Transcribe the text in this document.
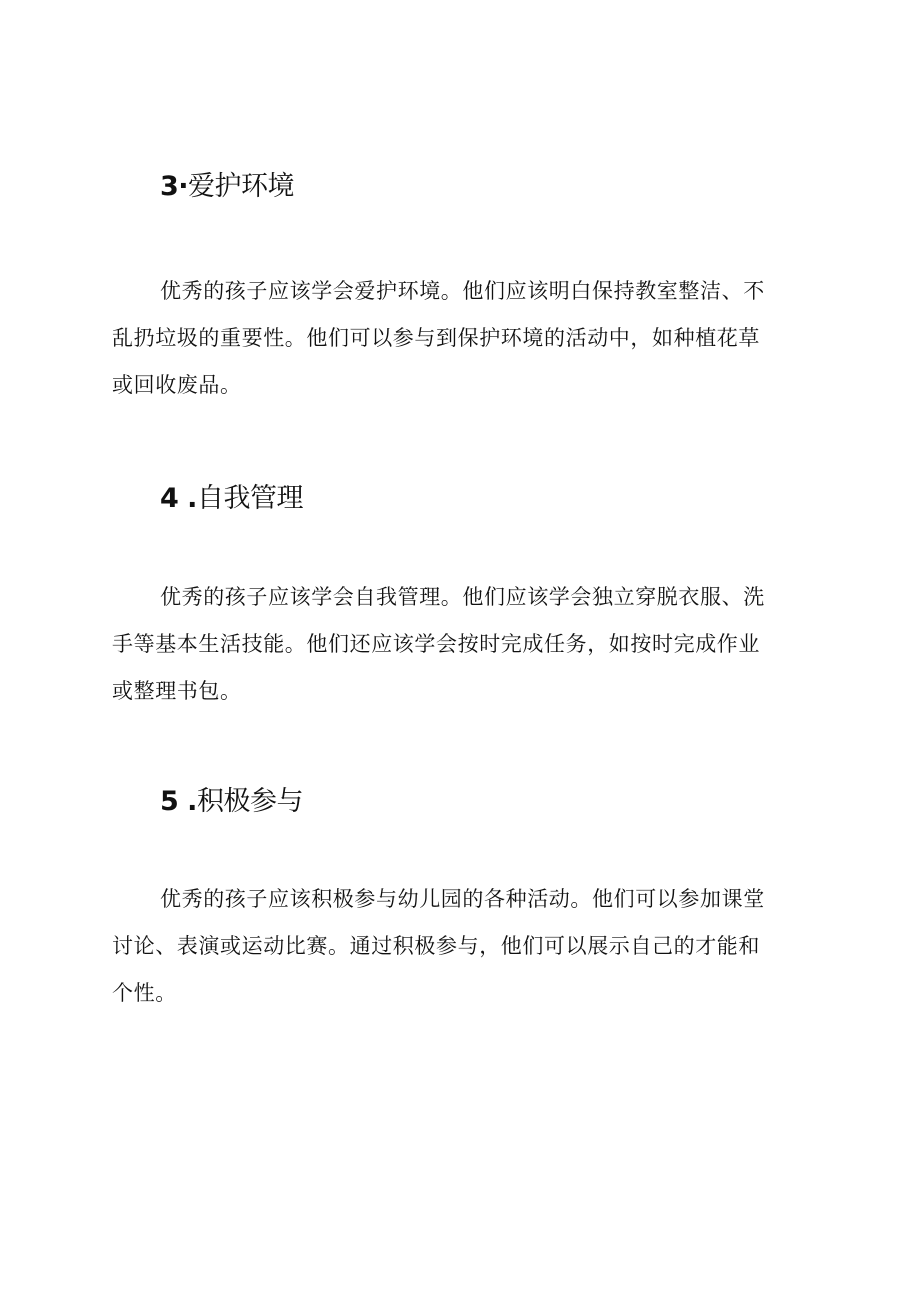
3·爱护环境

优秀的孩子应该学会爱护环境。他们应该明白保持教室整洁、不
乱扔垃圾的重要性。他们可以参与到保护环境的活动中，如种植花草
或回收废品。

4 .自我管理

优秀的孩子应该学会自我管理。他们应该学会独立穿脱衣服、洗
手等基本生活技能。他们还应该学会按时完成任务，如按时完成作业
或整理书包。

5 .积极参与

优秀的孩子应该积极参与幼儿园的各种活动。他们可以参加课堂
讨论、表演或运动比赛。通过积极参与，他们可以展示自己的才能和
个性。
